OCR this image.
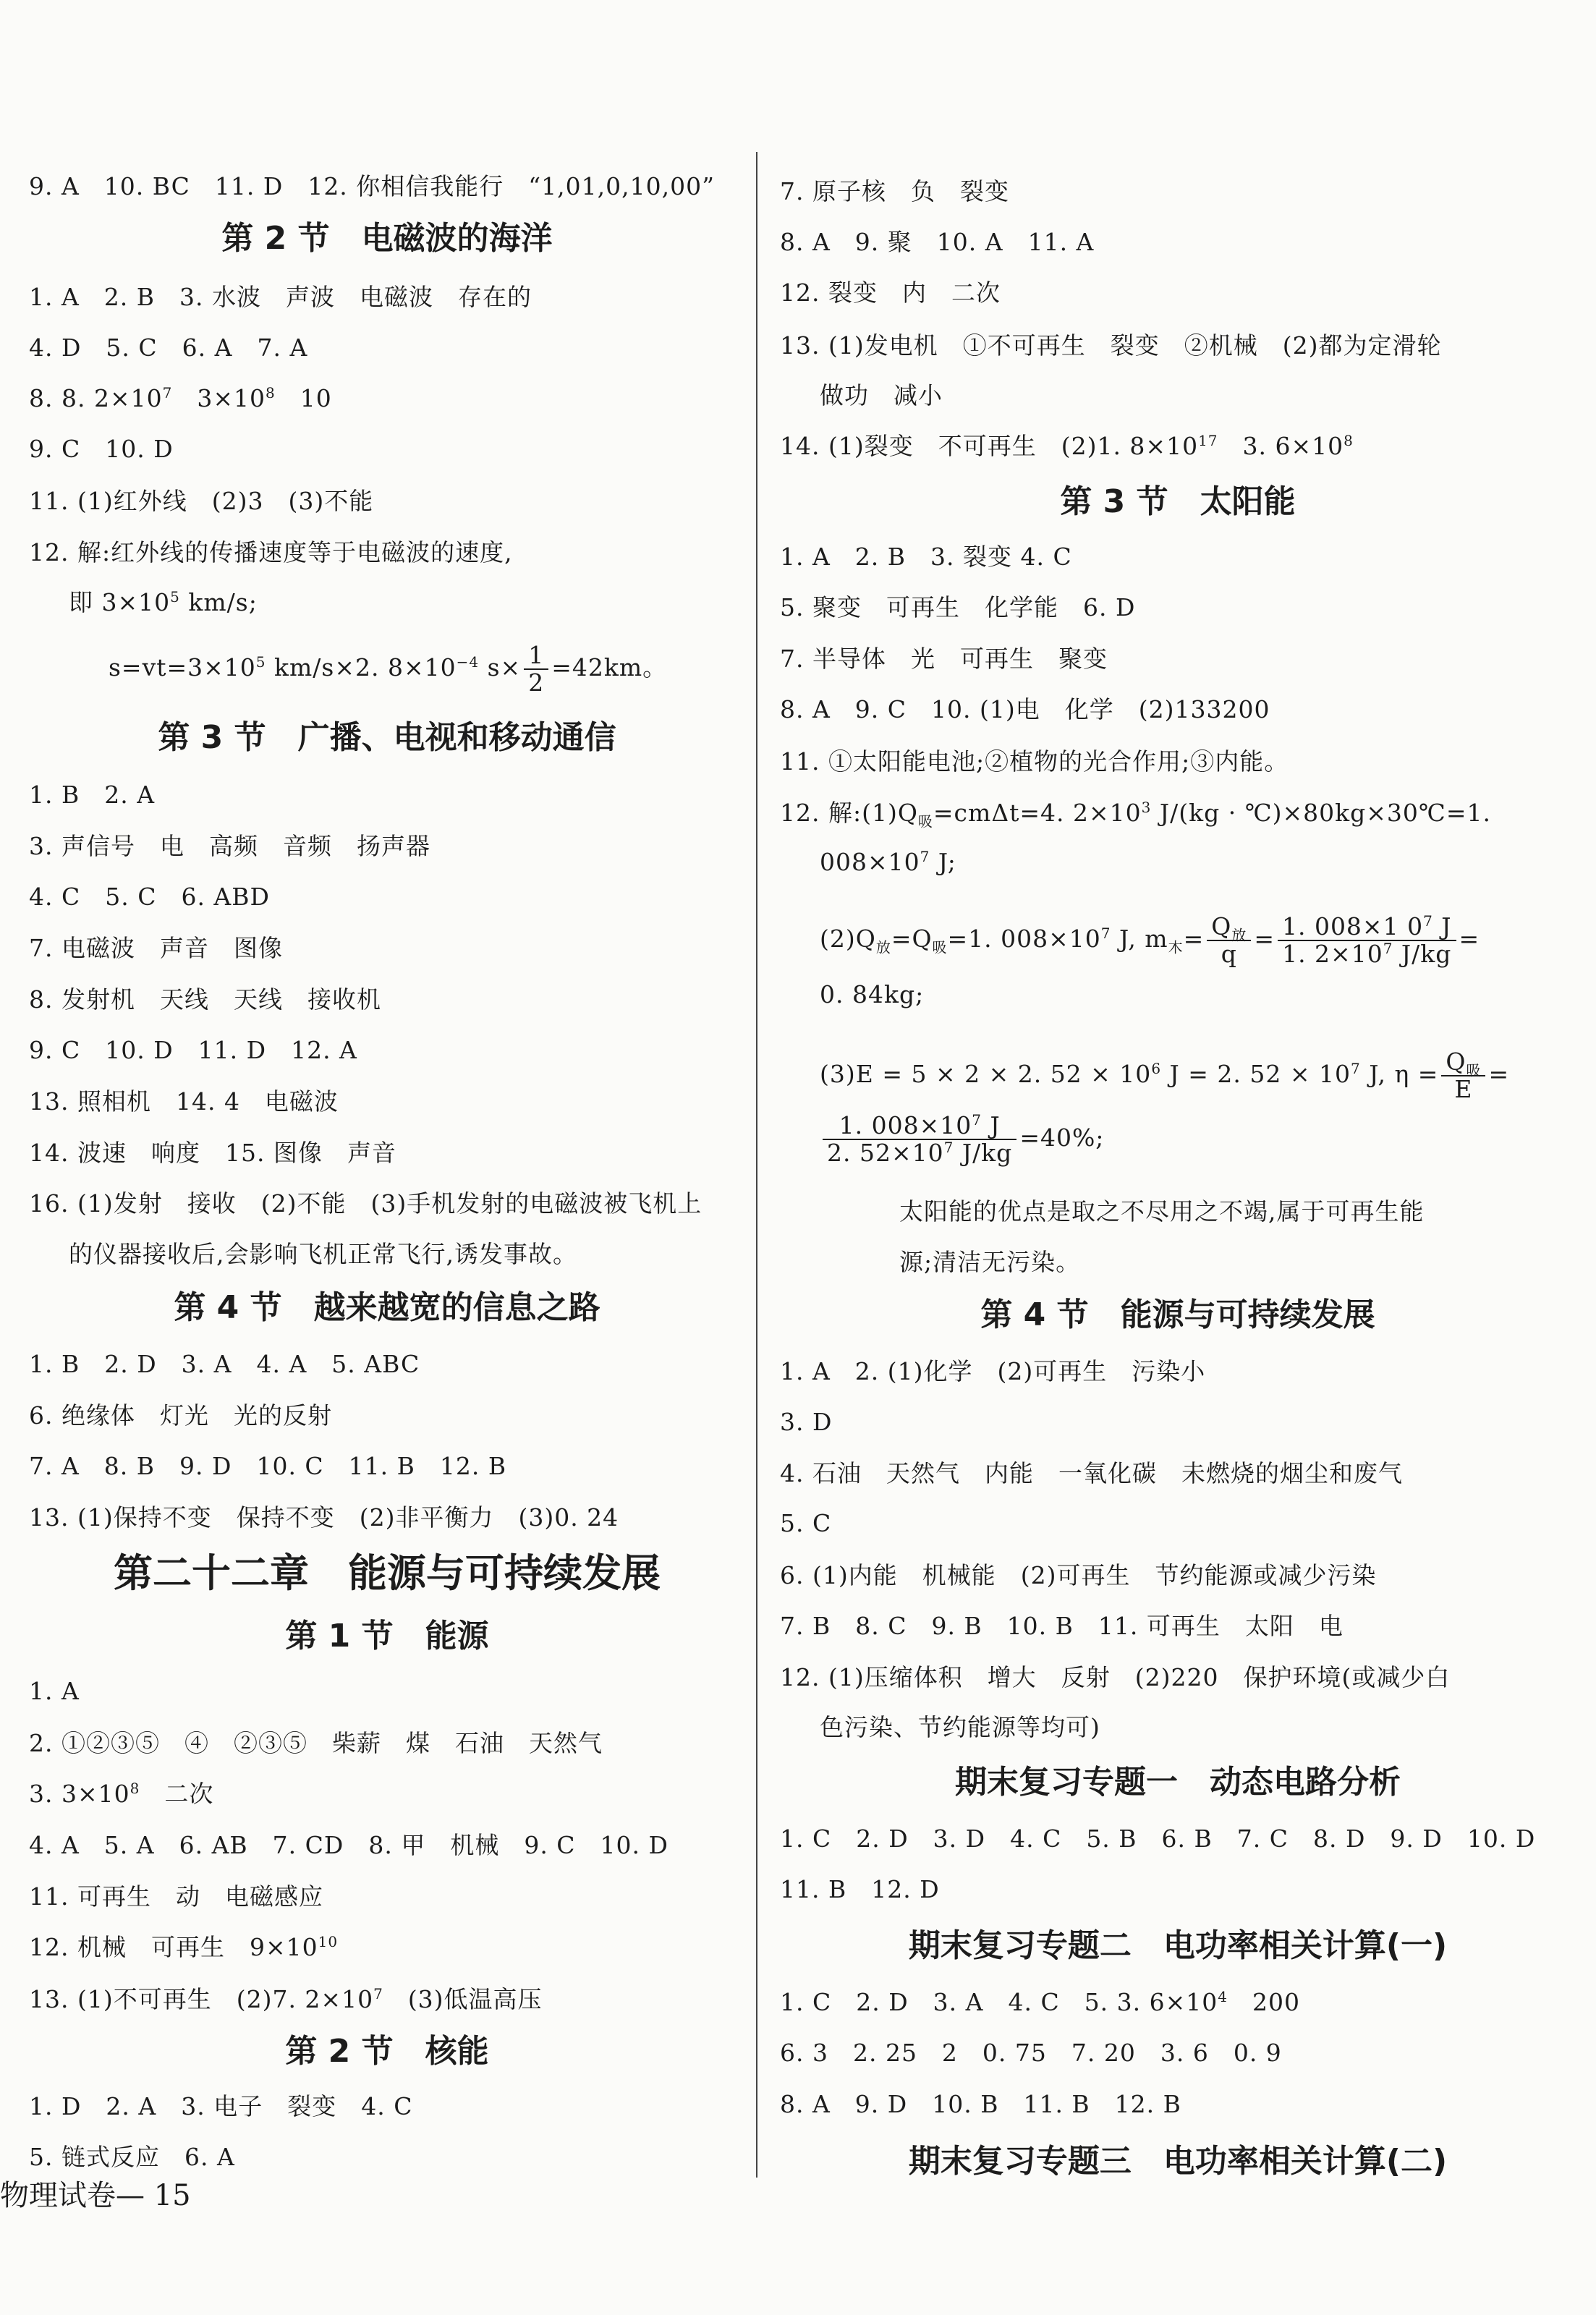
9. A　10. BC　11. D　12. 你相信我能行　“1,01,0,10,00”
第 2 节　电磁波的海洋
1. A　2. B　3. 水波　声波　电磁波　存在的
4. D　5. C　6. A　7. A
8. 8. $2\times 10^7$　$3\times 10^8$　10
9. C　10. D
11. (1)红外线　(2)3　(3)不能
12. 解:红外线的传播速度等于电磁波的速度,
即 $3\times 10^5$ km/s;
$s=vt=3\times 10^5$ km/s×2. $8\times 10^{-4}$ $s\times \frac{1}{2} =42km$。
第 3 节　广播、电视和移动通信
1. B　2. A
3. 声信号　电　高频　音频　扬声器
4. C　5. C　6. ABD
7. 电磁波　声音　图像
8. 发射机　天线　天线　接收机
9. C　10. D　11. D　12. A
13. 照相机　14. 4　电磁波
14. 波速　响度　15. 图像　声音
16. (1)发射　接收　(2)不能　(3)手机发射的电磁波被飞机上
的仪器接收后,会影响飞机正常飞行,诱发事故。
第 4 节　越来越宽的信息之路
1. B　2. D　3. A　4. A　5. ABC
6. 绝缘体　灯光　光的反射
7. A　8. B　9. D　10. C　11. B　12. B
13. (1)保持不变　保持不变　(2)非平衡力　(3)0. 24
第二十二章　能源与可持续发展
第 1 节　能源
1. A
2. ①②③⑤　④　②③⑤　柴薪　煤　石油　天然气
3. $3\times 10^8$　二次
4. A　5. A　6. AB　7. CD　8. 甲　机械　9. C　10. D
11. 可再生　动　电磁感应
12. 机械　可再生　$9\times 10^{10}$
13. (1)不可再生　(2)7. $2\times 10^7$　(3)低温高压
第 2 节　核能
1. D　2. A　3. 电子　裂变　4. C
5. 链式反应　6. A
7. 原子核　负　裂变
8. A　9. 聚　10. A　11. A
12. 裂变　内　二次
13. (1)发电机　①不可再生　裂变　②机械　(2)都为定滑轮
做功　减小
14. (1)裂变　不可再生　(2)1. $8\times 10^{17}$　3. $6\times 10^8$
第 3 节　太阳能
1. A　2. B　3. 裂变 4. C
5. 聚变　可再生　化学能　6. D
7. 半导体　光　可再生　聚变
8. A　9. C　10. (1)电　化学　(2)133200
11. ①太阳能电池;②植物的光合作用;③内能。
12. 解$:(1)Q_吸=cm\Delta t=4$. $2\times 10^3$ J/(kg · ℃)×80kg×30℃=1.
$008\times 10^7$ J;
$(2)Q_放=Q_吸=1$. $008\times 10^7$ J, $m_木= \frac{Q_放}{q} = \frac{1. 008\times 1 0^7 J}{1. 2\times 10^7 J/kg}$ =
0. 84kg;
(3)E = 5 × 2 × 2. $52 \times 10^6$ J = 2. $52 \times 10^7$ J, $\eta = \frac{Q_吸}{E}$ =
$\frac{1. 008\times 10^7 J}{2. 52\times 10^7 J/kg} =40\%$;
太阳能的优点是取之不尽用之不竭,属于可再生能
源;清洁无污染。
第 4 节　能源与可持续发展
1. A　2. (1)化学　(2)可再生　污染小
3. D
4. 石油　天然气　内能　一氧化碳　未燃烧的烟尘和废气
5. C
6. (1)内能　机械能　(2)可再生　节约能源或减少污染
7. B　8. C　9. B　10. B　11. 可再生　太阳　电
12. (1)压缩体积　增大　反射　(2)220　保护环境(或减少白
色污染、节约能源等均可)
期末复习专题一　动态电路分析
1. C　2. D　3. D　4. C　5. B　6. B　7. C　8. D　9. D　10. D
11. B　12. D
期末复习专题二　电功率相关计算(一)
1. C　2. D　3. A　4. C　5. 3. $6\times 10^4$　200
6. 3　2. 25　2　0. 75　7. 20　3. 6　0. 9
8. A　9. D　10. B　11. B　12. B
期末复习专题三　电功率相关计算(二)
物理试卷— 15
